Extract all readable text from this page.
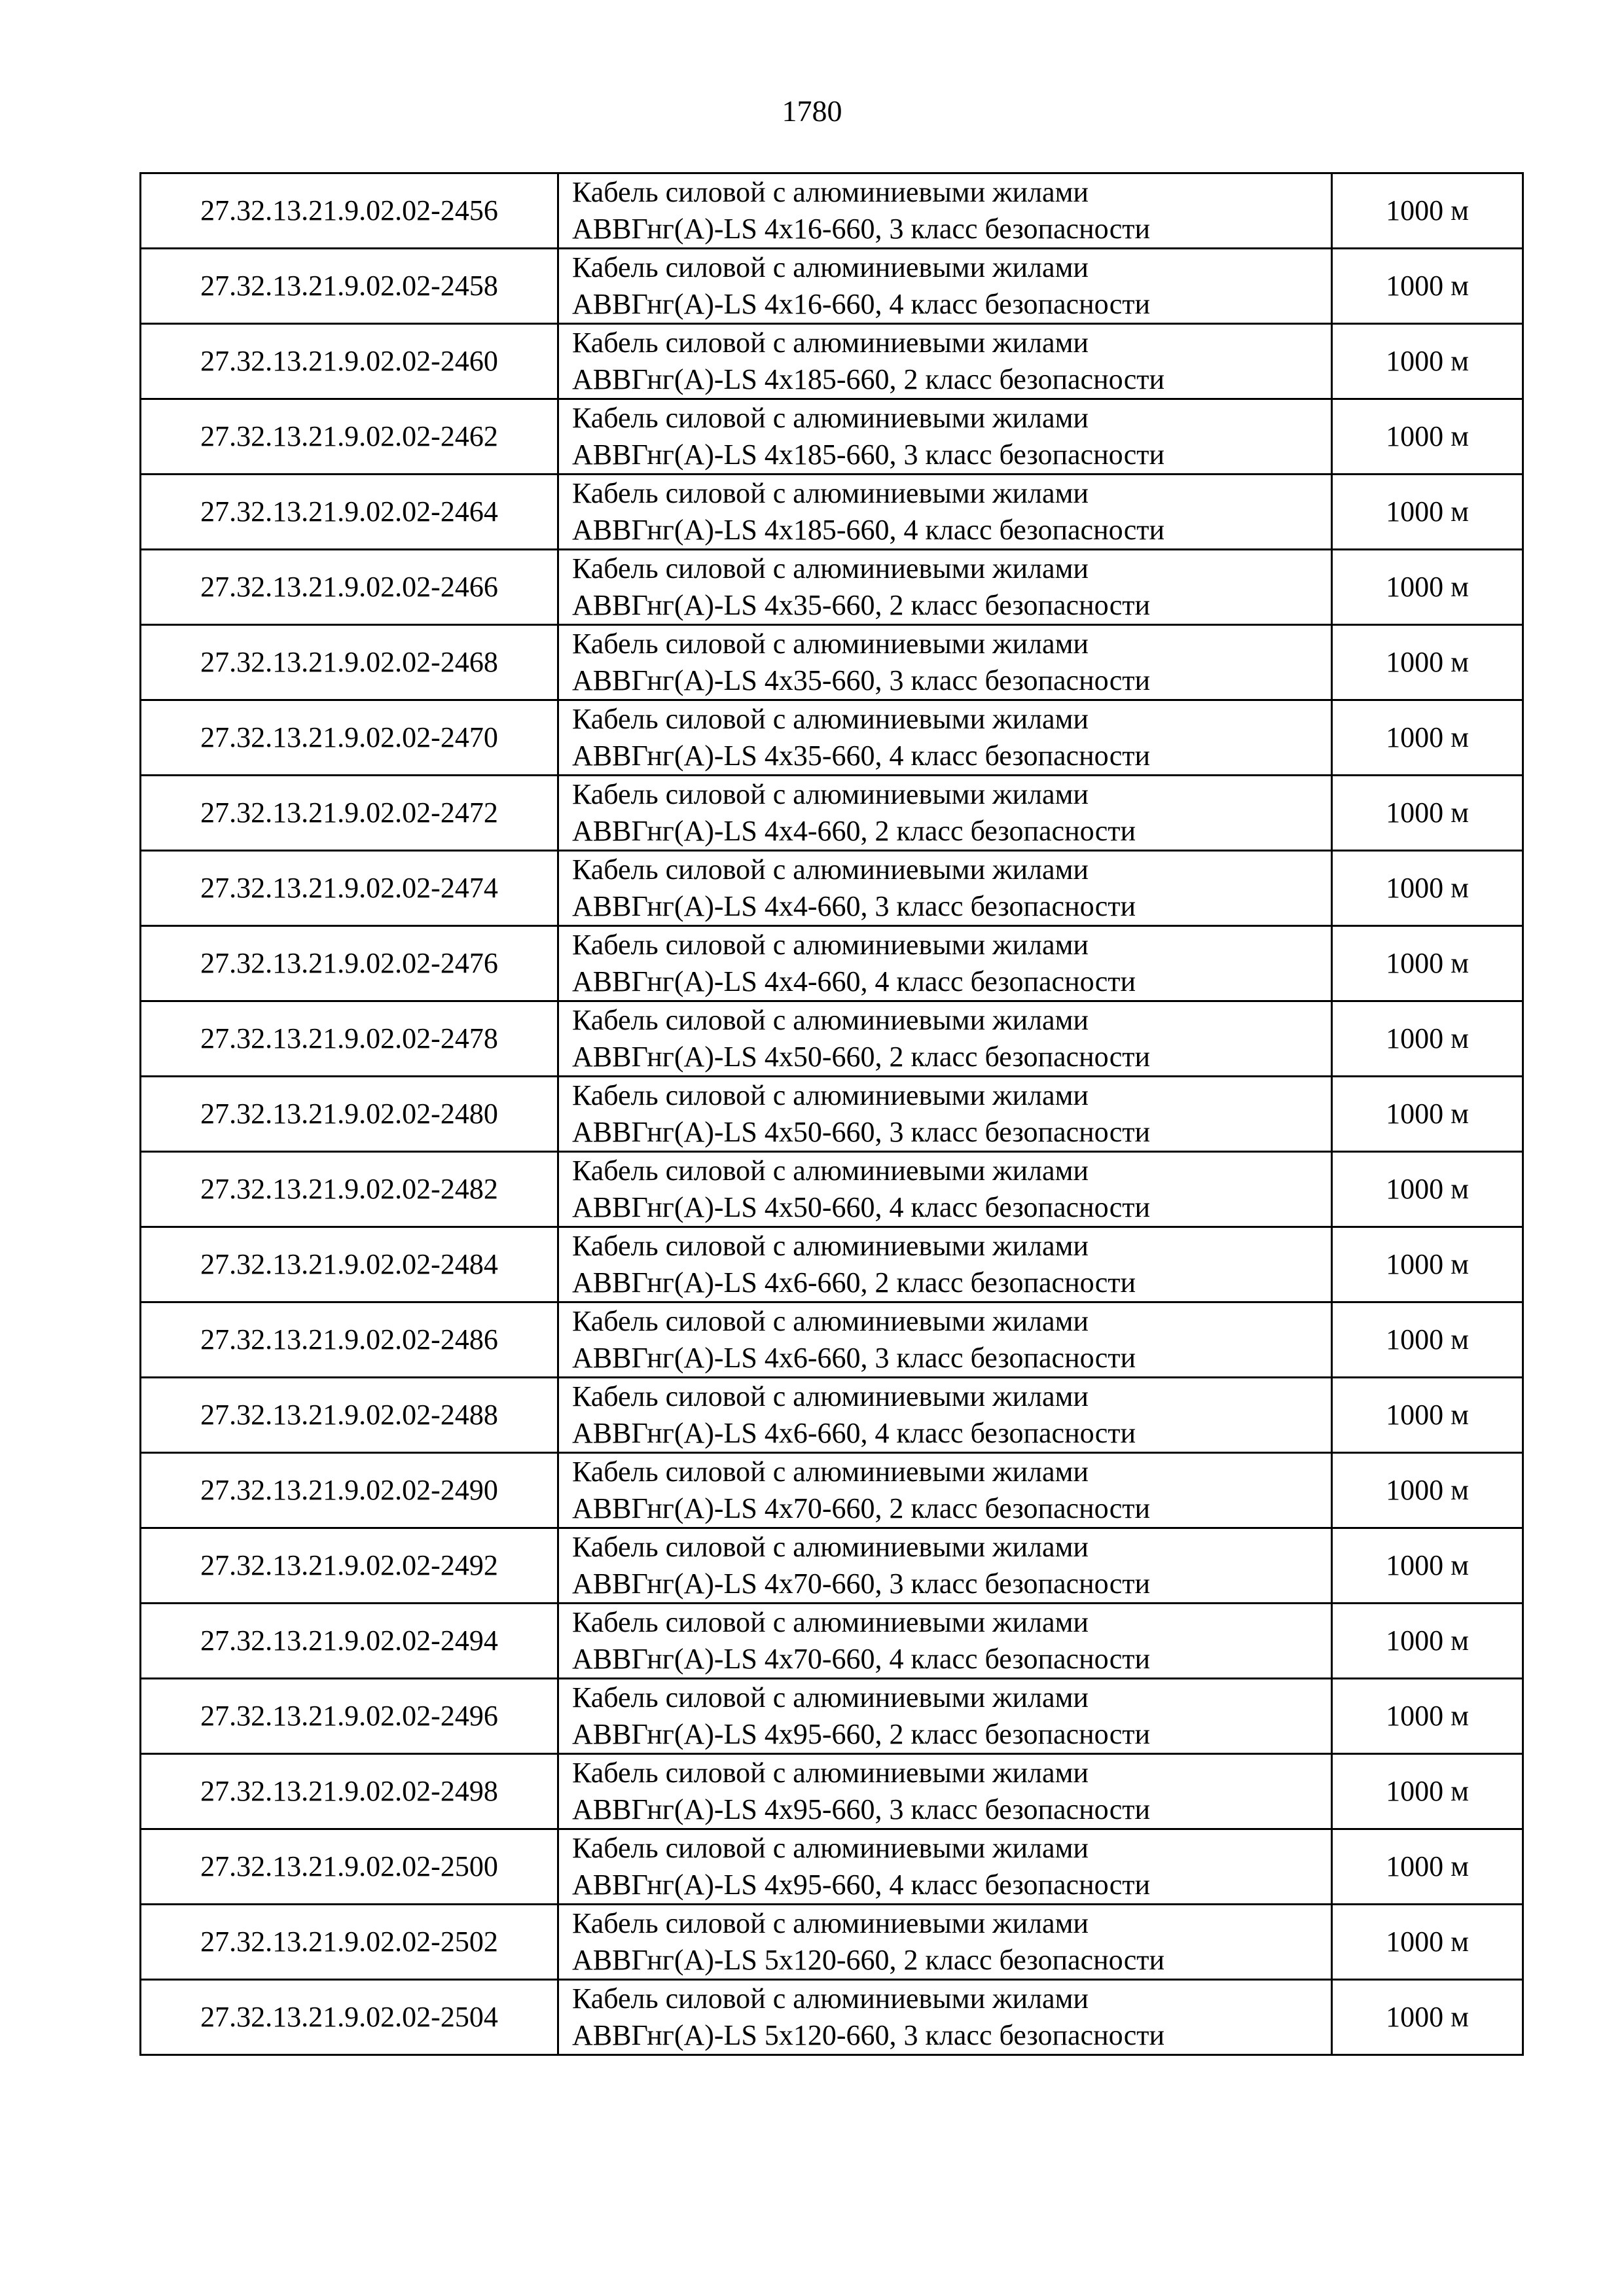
1780
27.32.13.21.9.02.02-2456	Кабель силовой с алюминиевыми жилами
АВВГнг(А)-LS 4х16-660, 3 класс безопасности	1000 м
27.32.13.21.9.02.02-2458	Кабель силовой с алюминиевыми жилами
АВВГнг(А)-LS 4х16-660, 4 класс безопасности	1000 м
27.32.13.21.9.02.02-2460	Кабель силовой с алюминиевыми жилами
АВВГнг(А)-LS 4х185-660, 2 класс безопасности	1000 м
27.32.13.21.9.02.02-2462	Кабель силовой с алюминиевыми жилами
АВВГнг(А)-LS 4х185-660, 3 класс безопасности	1000 м
27.32.13.21.9.02.02-2464	Кабель силовой с алюминиевыми жилами
АВВГнг(А)-LS 4х185-660, 4 класс безопасности	1000 м
27.32.13.21.9.02.02-2466	Кабель силовой с алюминиевыми жилами
АВВГнг(А)-LS 4х35-660, 2 класс безопасности	1000 м
27.32.13.21.9.02.02-2468	Кабель силовой с алюминиевыми жилами
АВВГнг(А)-LS 4х35-660, 3 класс безопасности	1000 м
27.32.13.21.9.02.02-2470	Кабель силовой с алюминиевыми жилами
АВВГнг(А)-LS 4х35-660, 4 класс безопасности	1000 м
27.32.13.21.9.02.02-2472	Кабель силовой с алюминиевыми жилами
АВВГнг(А)-LS 4х4-660, 2 класс безопасности	1000 м
27.32.13.21.9.02.02-2474	Кабель силовой с алюминиевыми жилами
АВВГнг(А)-LS 4х4-660, 3 класс безопасности	1000 м
27.32.13.21.9.02.02-2476	Кабель силовой с алюминиевыми жилами
АВВГнг(А)-LS 4х4-660, 4 класс безопасности	1000 м
27.32.13.21.9.02.02-2478	Кабель силовой с алюминиевыми жилами
АВВГнг(А)-LS 4х50-660, 2 класс безопасности	1000 м
27.32.13.21.9.02.02-2480	Кабель силовой с алюминиевыми жилами
АВВГнг(А)-LS 4х50-660, 3 класс безопасности	1000 м
27.32.13.21.9.02.02-2482	Кабель силовой с алюминиевыми жилами
АВВГнг(А)-LS 4х50-660, 4 класс безопасности	1000 м
27.32.13.21.9.02.02-2484	Кабель силовой с алюминиевыми жилами
АВВГнг(А)-LS 4х6-660, 2 класс безопасности	1000 м
27.32.13.21.9.02.02-2486	Кабель силовой с алюминиевыми жилами
АВВГнг(А)-LS 4х6-660, 3 класс безопасности	1000 м
27.32.13.21.9.02.02-2488	Кабель силовой с алюминиевыми жилами
АВВГнг(А)-LS 4х6-660, 4 класс безопасности	1000 м
27.32.13.21.9.02.02-2490	Кабель силовой с алюминиевыми жилами
АВВГнг(А)-LS 4х70-660, 2 класс безопасности	1000 м
27.32.13.21.9.02.02-2492	Кабель силовой с алюминиевыми жилами
АВВГнг(А)-LS 4х70-660, 3 класс безопасности	1000 м
27.32.13.21.9.02.02-2494	Кабель силовой с алюминиевыми жилами
АВВГнг(А)-LS 4х70-660, 4 класс безопасности	1000 м
27.32.13.21.9.02.02-2496	Кабель силовой с алюминиевыми жилами
АВВГнг(А)-LS 4х95-660, 2 класс безопасности	1000 м
27.32.13.21.9.02.02-2498	Кабель силовой с алюминиевыми жилами
АВВГнг(А)-LS 4х95-660, 3 класс безопасности	1000 м
27.32.13.21.9.02.02-2500	Кабель силовой с алюминиевыми жилами
АВВГнг(А)-LS 4х95-660, 4 класс безопасности	1000 м
27.32.13.21.9.02.02-2502	Кабель силовой с алюминиевыми жилами
АВВГнг(А)-LS 5х120-660, 2 класс безопасности	1000 м
27.32.13.21.9.02.02-2504	Кабель силовой с алюминиевыми жилами
АВВГнг(А)-LS 5х120-660, 3 класс безопасности	1000 м
